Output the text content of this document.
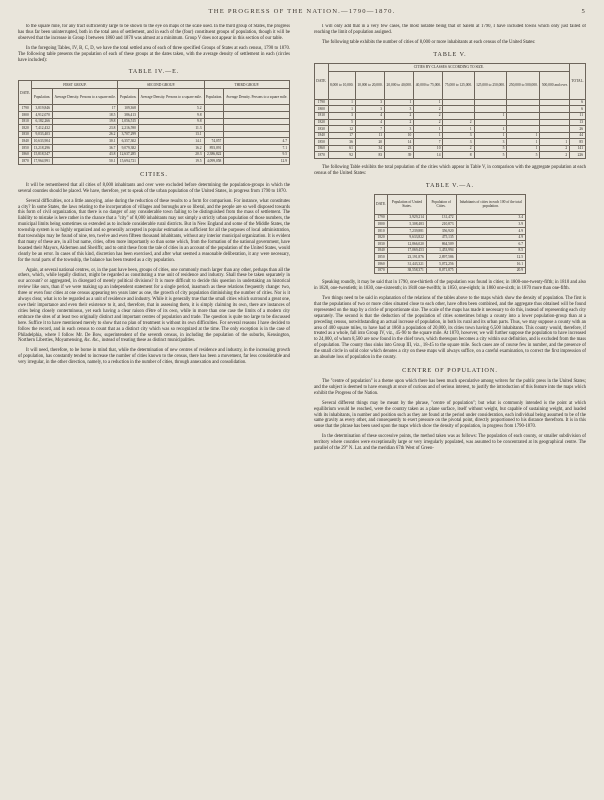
THE PROGRESS OF THE NATION.—1790—1870.	5

to the square mile, for any tract sufficiently large to be shown to the eye on maps of the scale used. In the third group of States, the progress has thus far been uninterrupted, both in the total area of settlement, and in each of the (four) constituent groups of population, though it will be observed that the increase in Group I between 1860 and 1870 was almost at a minimum. Group V does not appear in this section of our table.

In the foregoing Tables, IV, B, C, D, we have the total settled area of each of three specified Groups of States at each census, 1790 to 1870. The following table presents the population of each of these groups at the dates taken, with the average density of settlement in each (circles have included):

TABLE IV.—E.
DATE.	FIRST GROUP.		SECOND GROUP.		THIRD GROUP.	
	Population.	Average Density. Persons to a square mile.	Population.	Average Density. Persons to a square mile.	Population.	Average Density. Persons to a square mile.
1790	3,819,846	17	109,368	5.2		
1800	4,912,070	18.5	386,413	9.8		
1810	6,182,266	19.8	1,056,515	9.8		
1820	7,412,432	23.8	2,216,590	11.3		
1830	9,033,403	26.2	3,707,299	13.1		
1840	10,633,904	30.1	6,357,302	14.1	74,057	4.7
1850	13,218,296	36.7	9,079,382	16.2	893,091	7.1
1860	15,818,547	43.8	12,637,285	20.3	2,386,822	9.5
1870	17,964,991	50.1	15,694,721	19.5	4,099,058	12.9
CITIES.

It will be remembered that all cities of 8,000 inhabitants and over were excluded before determining the population-groups in which the several counties should be placed. We have, therefore, yet to speak of the urban population of the United States, in progress from 1790 to 1870.

Several difficulties, not a little annoying, arise during the reduction of these results to a form for comparison. For instance, what constitutes a city? In some States, the laws relating to the incorporation of villages and boroughs are so liberal, and the people are so well disposed towards this form of civil organization, that there is no danger of any considerable town failing to be distinguished from the mass of settlement. The liability to mistake is here rather in the chance that a "city" of 8,000 inhabitants may not simply a strictly urban population of those numbers, the municipal limits being sometimes so extended as to include considerable rural districts. But in New England and some of the Middle States, the township system is so highly organized and so generally accepted in popular estimation as sufficient for all the purposes of local administration, that townships may be found of nine, ten, twelve and even fifteen thousand inhabitants, without any interior municipal organization. It is evident that many of these are, in all but name, cities, often more importantly so than some which, from the formation of the national government, have boasted their Mayors, Aldermen and Sheriffs; and to omit these from the tale of cities in an account of the population of the United States, would clearly be an error. In cases of this kind, discretion has been exercised, and after what seemed a reasonable deliberation, it any were necessary, for the rural parts of the township, the balance has been treated as a city population.

Again, at several national centres, or, in the past have been, groups of cities, one commonly much larger than any other, perhaps than all the others, which, while legally distinct, might be regarded as constituting a true unit of residence and industry. Shall these be taken separately in our account? or aggregated, in disregard of merely political divisions? It is more difficult to decide this question in undertaking an historical review like ours, than if we were making up an independent statement for a single period, inasmuch as these relations frequently change: two, three or even four cities at one census appearing ten years later as one, the growth of city population diminishing the number of cities. Nor is it always clear, what is to be regarded as a unit of residence and industry. While it is generally true that the small cities which surround a great one, owe their importance and even their existence to it, and, therefore, that in assessing them, it is simply claiming its own, there are instances of cities being closely conterminous, yet each having a clear raison d'être of its own, while in more than one case the limits of a modern city embrace the sites of at least two originally distinct and important centres of population and trade. The question is quite too large to be discussed here. Suffice it to have mentioned merely to show that no plan of treatment is without its own difficulties. For several reasons I have decided to follow the record, and in each census to count that as a distinct city which was so recognized at the time. The only exception is in the case of Philadelphia, where I follow Mr. De Bow, superintendent of the seventh census, in including the population of the suburbs, Kensington, Northern Liberties, Moyamensing, &c. &c., instead of treating these as distinct municipalities.

It will need, therefore, to be borne in mind that, while the determination of new centres of residence and industry, in the increasing growth of population, has constantly tended to increase the number of cities known to the census, there has been a movement, far less considerable and very irregular, in the other direction, namely, to a reduction in the number of cities, through annexation and consolidation.

I will only add that in a very few cases, the most notable being that of Salem at 1790, I have included towns which only just failed of reaching the limit of population assigned.

The following table exhibits the number of cities of 8,000 or more inhabitants at each census of the United States:

TABLE V.
DATE.	CITIES BY CLASSES ACCORDING TO SIZE.								TOTAL.
	8,000 to 10,000.	10,000 to 20,000.	20,000 to 40,000.	40,000 to 75,000.	75,000 to 125,000.	125,000 to 250,000.	250,000 to 500,000.	500,000 and over.	
1790	1	3	1	1					6
1800	1	3	3	2					6
1810	3	4	2	2		1			11
1820	5	4	2	2	2				13
1830	12	7	3	1	1	1			26
1840	17	11	10	1	3	1	1		44
1850	36	20	14	7	3	3	1	1	85
1860	61	34	23	10	2	5	1	2	141
1870	92	83	39	14	8	5	5	2	226

The following Table exhibits the total population of the cities which appear in Table V, in comparison with the aggregate population at each census of the United States:

TABLE V.—A.
DATE.	Population of United States.	Population of Cities.	Inhabitants of cities in each 100 of the total population.
1790	3,929,214	131,472	3.4
1800	5,308,483	210,873	3.9
1810	7,239,881	356,920	4.9
1820	9,633,822	475,135	4.9
1830	12,866,020	864,509	6.7
1840	17,069,453	1,453,994	8.5
1850	23,191,876	2,897,586	12.5
1860	31,443,321	5,072,256	16.1
1870	38,558,371	8,071,875	20.9

Speaking roundly, it may be said that in 1790, one-thirtieth of the population was found in cities; in 1800-one-twenty-fifth; in 1810 and also in 1820, one-twentieth; in 1830, one-sixteenth; in 1840 one-twelfth; in 1850, one-eighth; in 1860 one-sixth; in 1870 more than one-fifth.

Two things need to be said in explanation of the relations of the tables above to the maps which show the density of population. The first is that the populations of two or more cities situated close to each other, have often been combined, and the aggregate thus obtained will be found represented on the map by a circle of proportionate size. The scale of the maps has made it necessary to do this, instead of representing each city separately. The second is that the deduction of the population of cities sometimes brings a county into a lower population-group than at a preceding census, notwithstanding an actual increase of population, in both its rural and its urban parts. Thus, we may suppose a county with an area of 400 square miles, to have had at 1860 a population of 20,000, its cities town having 6,500 inhabitants. This county would, therefore, if treated as a whole, fall into Group IV, viz., 45-90 to the square mile. At 1870, however, we will further suppose the population to have increased to 24,000, of whom 8,500 are now found in the chief town, which thereupon becomes a city within our definition, and is excluded from the mass of population. The county thus sinks into Group III, viz., 18-45 to the square mile. Such cases are of course few in number, and the presence of the small circle in solid color which denotes a city on these maps will always suffice, on a careful examination, to correct the first impression of an absolute loss of population in the county.

CENTRE OF POPULATION.

The "centre of population" is a theme upon which there has been much speculative among writers for the public press in the United States; and the subject is deemed to have enough at once of curious and of serious interest, to justify the introduction of this feature into the maps which exhibit the Progress of the Nation.

Several different things may be meant by the phrase, "centre of population"; but what is commonly intended is the point at which equilibrium would be reached, were the country taken as a plane surface, itself without weight, but capable of sustaining weight, and loaded with its inhabitants, in number and position such as they are found at the period under consideration, each individual being assumed to be of the same gravity as every other, and consequently to exert pressure on the pivotal point, directly proportioned to his distance therefrom. It is in this sense that the phrase has been used upon the maps which show the density of population, in progress from 1790-1870.

In the determination of these successive points, the method taken was as follows: The population of each county, or smaller subdivision of territory where counties were exceptionally large or very irregularly populated, was assumed to be concentrated at its geographical centre. The parallel of the 29° N. Lat. and the meridian 67th West of Green-
